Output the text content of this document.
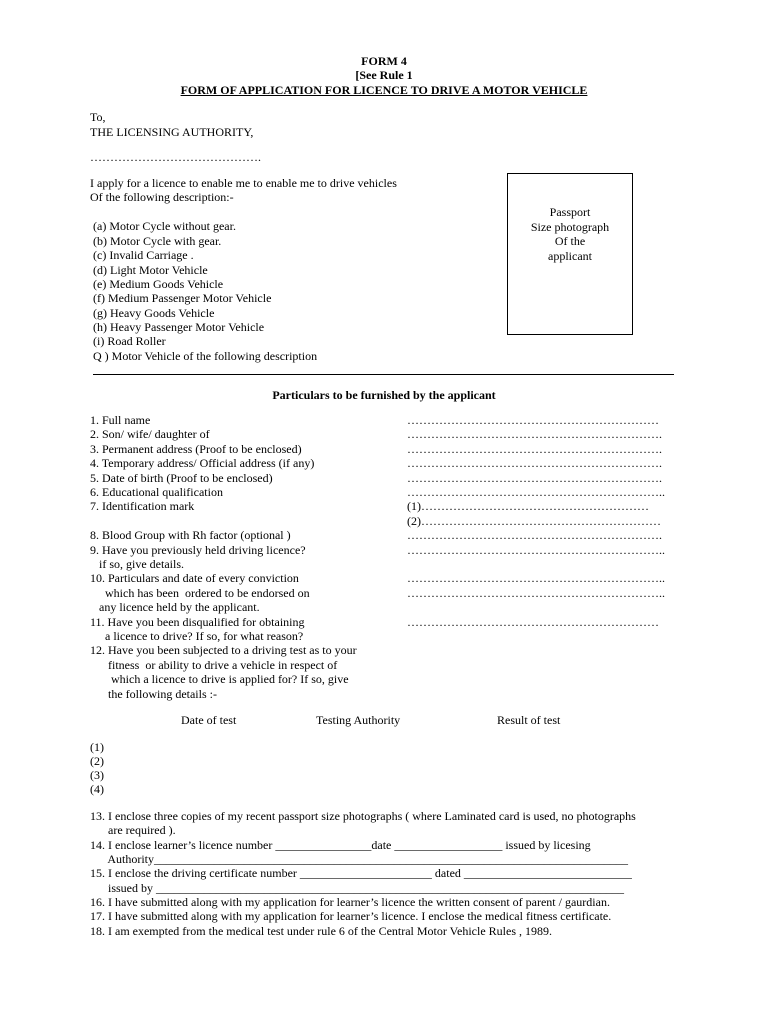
FORM 4
[See Rule 1
FORM OF APPLICATION FOR LICENCE TO DRIVE A MOTOR VEHICLE
To,
THE LICENSING AUTHORITY,
…………………………………….
I apply for a licence to enable me to enable me to drive vehicles
Of the following description:-
(a) Motor Cycle without gear.
(b) Motor Cycle with gear.
(c) Invalid Carriage .
(d) Light Motor Vehicle
(e) Medium Goods Vehicle
(f) Medium Passenger Motor Vehicle
(g) Heavy Goods Vehicle
(h) Heavy Passenger Motor Vehicle
(i) Road Roller
Q ) Motor Vehicle of the following description
Passport
Size photograph
Of the
applicant
Particulars to be furnished by the applicant
1. Full name
2. Son/ wife/ daughter of
3. Permanent address (Proof to be enclosed)
4. Temporary address/ Official address (if any)
5. Date of birth (Proof to be enclosed)
6. Educational qualification
7. Identification mark
8. Blood Group with Rh factor (optional )
9. Have you previously held driving licence?
if so, give details.
10. Particulars and date of every conviction
which has been  ordered to be endorsed on
any licence held by the applicant.
11. Have you been disqualified for obtaining
a licence to drive? If so, for what reason?
12. Have you been subjected to a driving test as to your
fitness  or ability to drive a vehicle in respect of
which a licence to drive is applied for? If so, give
the following details :-
………………………………………………………
……………………………………………………….
……………………………………………………….
……………………………………………………….
……………………………………………………….
………………………………………………………..
(1)…………………………………………………
(2)……………………………………………………
……………………………………………………….
………………………………………………………..
………………………………………………………..
………………………………………………………..
………………………………………………………
Date of test	Testing Authority	Result of test
(1)
(2)
(3)
(4)
13. I enclose three copies of my recent passport size photographs ( where Laminated card is used, no photographs
are required ).
14. I enclose learner’s licence number ________________date __________________ issued by licesing
Authority_______________________________________________________________________________
15. I enclose the driving certificate number ______________________ dated ____________________________
issued by ______________________________________________________________________________
16. I have submitted along with my application for learner’s licence the written consent of parent / gaurdian.
17. I have submitted along with my application for learner’s licence. I enclose the medical fitness certificate.
18. I am exempted from the medical test under rule 6 of the Central Motor Vehicle Rules , 1989.
